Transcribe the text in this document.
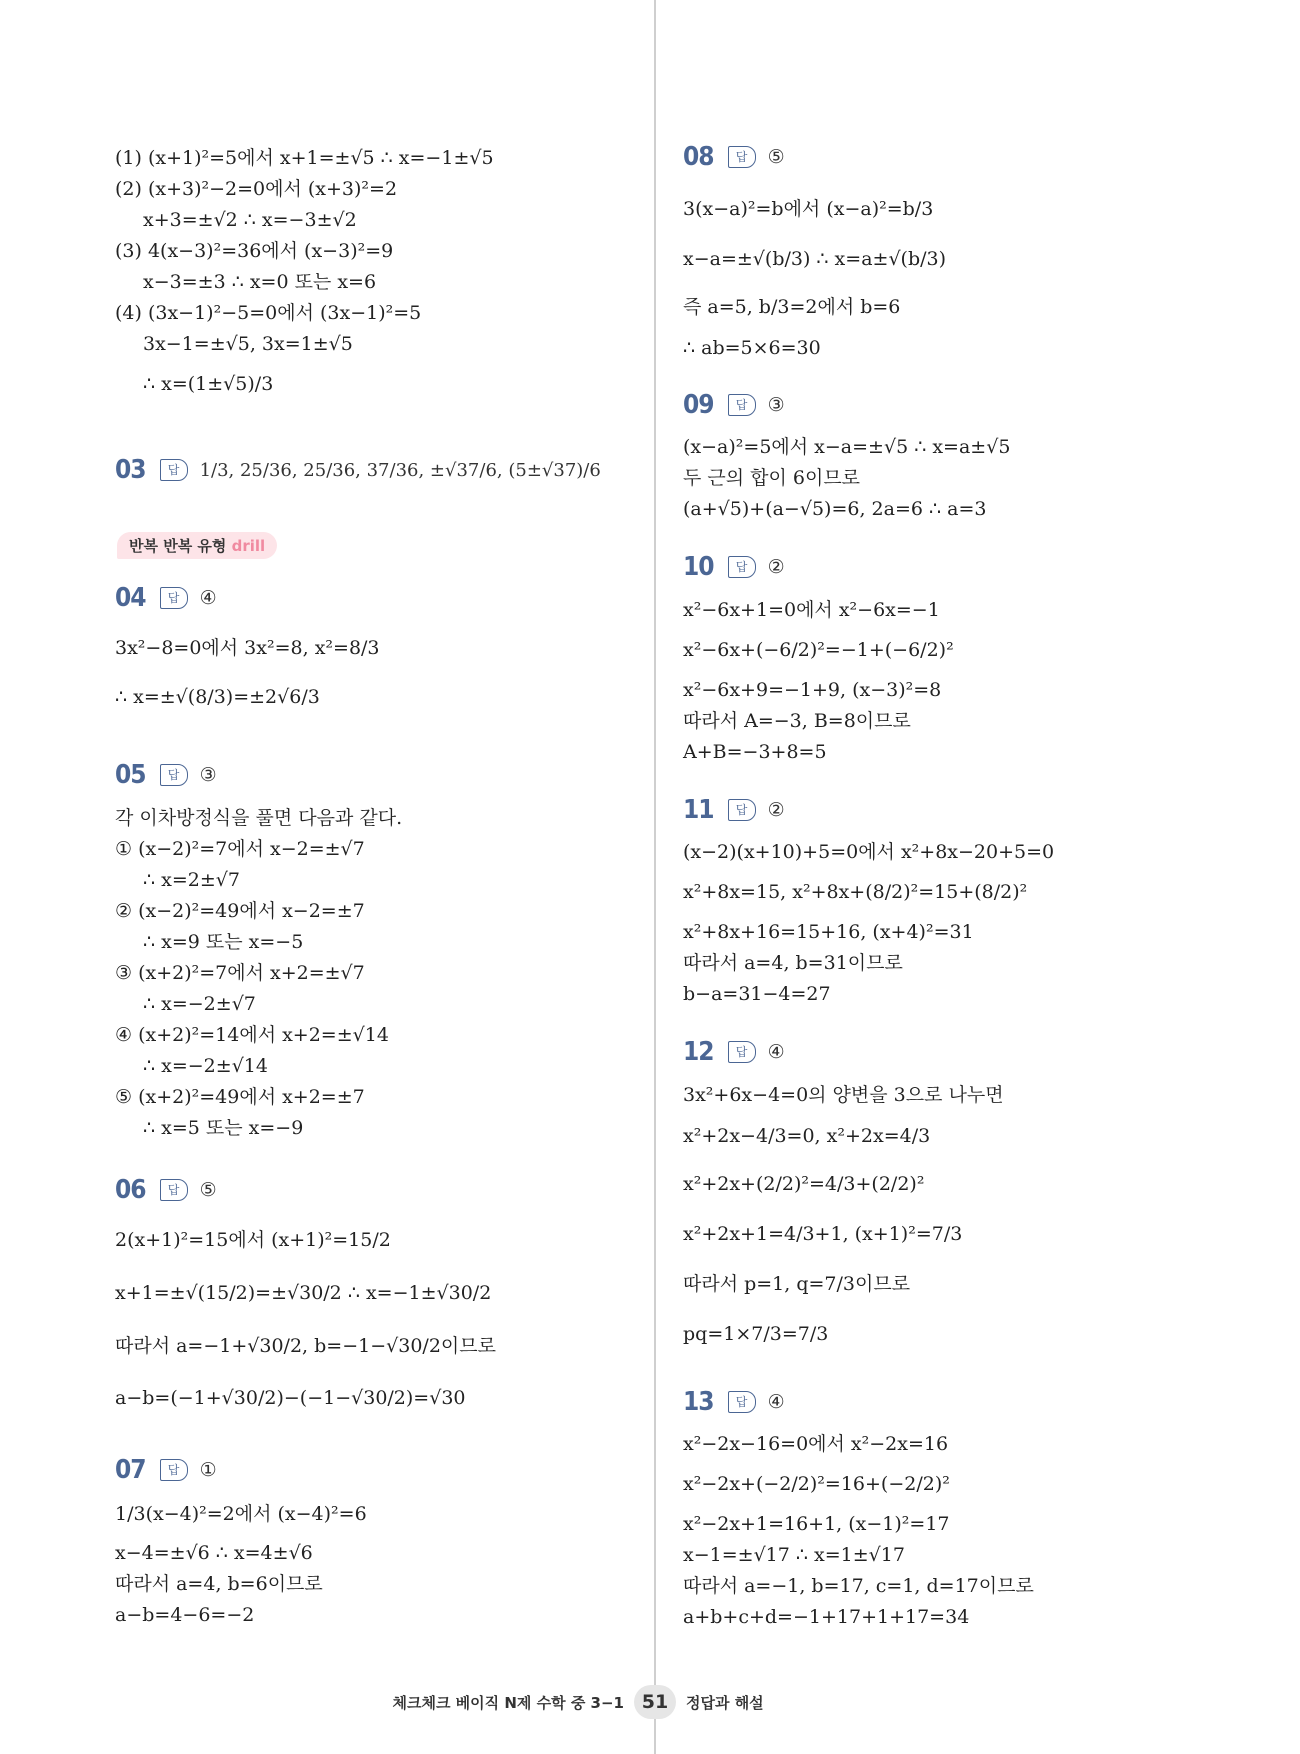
(1) (x+1)²=5에서 x+1=±√5 ∴ x=−1±√5
(2) (x+3)²−2=0에서 (x+3)²=2
x+3=±√2 ∴ x=−3±√2
(3) 4(x−3)²=36에서 (x−3)²=9
x−3=±3 ∴ x=0 또는 x=6
(4) (3x−1)²−5=0에서 (3x−1)²=5
3x−1=±√5, 3x=1±√5
∴ x=(1±√5)/3
03	답	1/3, 25/36, 25/36, 37/36, ±√37/6, (5±√37)/6
반복 반복 유형 drill
04	답	④
3x²−8=0에서 3x²=8, x²=8/3
∴ x=±√(8/3)=±2√6/3
05	답	③
각 이차방정식을 풀면 다음과 같다.
① (x−2)²=7에서 x−2=±√7
∴ x=2±√7
② (x−2)²=49에서 x−2=±7
∴ x=9 또는 x=−5
③ (x+2)²=7에서 x+2=±√7
∴ x=−2±√7
④ (x+2)²=14에서 x+2=±√14
∴ x=−2±√14
⑤ (x+2)²=49에서 x+2=±7
∴ x=5 또는 x=−9
06	답	⑤
2(x+1)²=15에서 (x+1)²=15/2
x+1=±√(15/2)=±√30/2 ∴ x=−1±√30/2
따라서 a=−1+√30/2, b=−1−√30/2이므로
a−b=(−1+√30/2)−(−1−√30/2)=√30
07	답	①
1/3(x−4)²=2에서 (x−4)²=6
x−4=±√6 ∴ x=4±√6
따라서 a=4, b=6이므로
a−b=4−6=−2
08	답	⑤
3(x−a)²=b에서 (x−a)²=b/3
x−a=±√(b/3) ∴ x=a±√(b/3)
즉 a=5, b/3=2에서 b=6
∴ ab=5×6=30
09	답	③
(x−a)²=5에서 x−a=±√5 ∴ x=a±√5
두 근의 합이 6이므로
(a+√5)+(a−√5)=6, 2a=6 ∴ a=3
10	답	②
x²−6x+1=0에서 x²−6x=−1
x²−6x+(−6/2)²=−1+(−6/2)²
x²−6x+9=−1+9, (x−3)²=8
따라서 A=−3, B=8이므로
A+B=−3+8=5
11	답	②
(x−2)(x+10)+5=0에서 x²+8x−20+5=0
x²+8x=15, x²+8x+(8/2)²=15+(8/2)²
x²+8x+16=15+16, (x+4)²=31
따라서 a=4, b=31이므로
b−a=31−4=27
12	답	④
3x²+6x−4=0의 양변을 3으로 나누면
x²+2x−4/3=0, x²+2x=4/3
x²+2x+(2/2)²=4/3+(2/2)²
x²+2x+1=4/3+1, (x+1)²=7/3
따라서 p=1, q=7/3이므로
pq=1×7/3=7/3
13	답	④
x²−2x−16=0에서 x²−2x=16
x²−2x+(−2/2)²=16+(−2/2)²
x²−2x+1=16+1, (x−1)²=17
x−1=±√17 ∴ x=1±√17
따라서 a=−1, b=17, c=1, d=17이므로
a+b+c+d=−1+17+1+17=34
체크체크 베이직 N제 수학 중 3−1 51	정답과 해설
